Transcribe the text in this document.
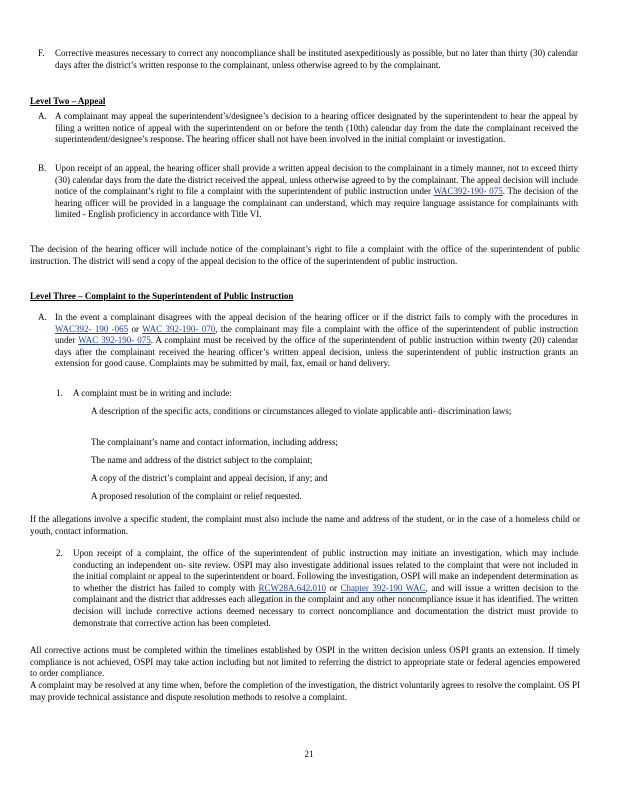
F. Corrective measures necessary to correct any noncompliance shall be instituted asexpeditiously as possible, but no later than thirty (30) calendar days after the district’s written response to the complainant, unless otherwise agreed to by the complainant.
Level Two – Appeal
A. A complainant may appeal the superintendent’s/designee’s decision to a hearing officer designated by the superintendent to hear the appeal by filing a written notice of appeal with the superintendent on or before the tenth (10th) calendar day from the date the complainant received the superintendent/designee’s response. The hearing officer shall not have been involved in the initial complaint or investigation.
B. Upon receipt of an appeal, the hearing officer shall provide a written appeal decision to the complainant in a timely manner, not to exceed thirty (30) calendar days from the date the district received the appeal, unless otherwise agreed to by the complainant. The appeal decision will include notice of the complainant’s right to file a complaint with the superintendent of public instruction under WAC392-190- 075. The decision of the hearing officer will be provided in a language the complainant can understand, which may require language assistance for complainants with limited - English proficiency in accordance with Title VI.
The decision of the hearing officer will include notice of the complainant’s right to file a complaint with the office of the superintendent of public instruction. The district will send a copy of the appeal decision to the office of the superintendent of public instruction.
Level Three – Complaint to the Superintendent of Public Instruction
A. In the event a complainant disagrees with the appeal decision of the hearing officer or if the district fails to comply with the procedures in WAC392- 190 -065 or WAC 392-190- 070, the complainant may file a complaint with the office of the superintendent of public instruction under WAC 392-190- 075. A complaint must be received by the office of the superintendent of public instruction within twenty (20) calendar days after the complainant received the hearing officer’s written appeal decision, unless the superintendent of public instruction grants an extension for good cause. Complaints may be submitted by mail, fax, email or hand delivery.
1. A complaint must be in writing and include:
A description of the specific acts, conditions or circumstances alleged to violate applicable anti- discrimination laws;
The complainant’s name and contact information, including address;
The name and address of the district subject to the complaint;
A copy of the district’s complaint and appeal decision, if any; and
A proposed resolution of the complaint or relief requested.
If the allegations involve a specific student, the complaint must also include the name and address of the student, or in the case of a homeless child or youth, contact information.
2. Upon receipt of a complaint, the office of the superintendent of public instruction may initiate an investigation, which may include conducting an independent on- site review. OSPI may also investigate additional issues related to the complaint that were not included in the initial complaint or appeal to the superintendent or board. Following the investigation, OSPI will make an independent determination as to whether the district has failed to comply with RCW28A.642.010 or Chapter 392-190 WAC, and will issue a written decision to the complainant and the district that addresses each allegation in the complaint and any other noncompliance issue it has identified. The written decision will include corrective actions deemed necessary to correct noncompliance and documentation the district must provide to demonstrate that corrective action has been completed.
All corrective actions must be completed within the timelines established by OSPI in the written decision unless OSPI grants an extension. If timely compliance is not achieved, OSPI may take action including but not limited to referring the district to appropriate state or federal agencies empowered to order compliance.
A complaint may be resolved at any time when, before the completion of the investigation, the district voluntarily agrees to resolve the complaint. OS PI may provide technical assistance and dispute resolution methods to resolve a complaint.
21
